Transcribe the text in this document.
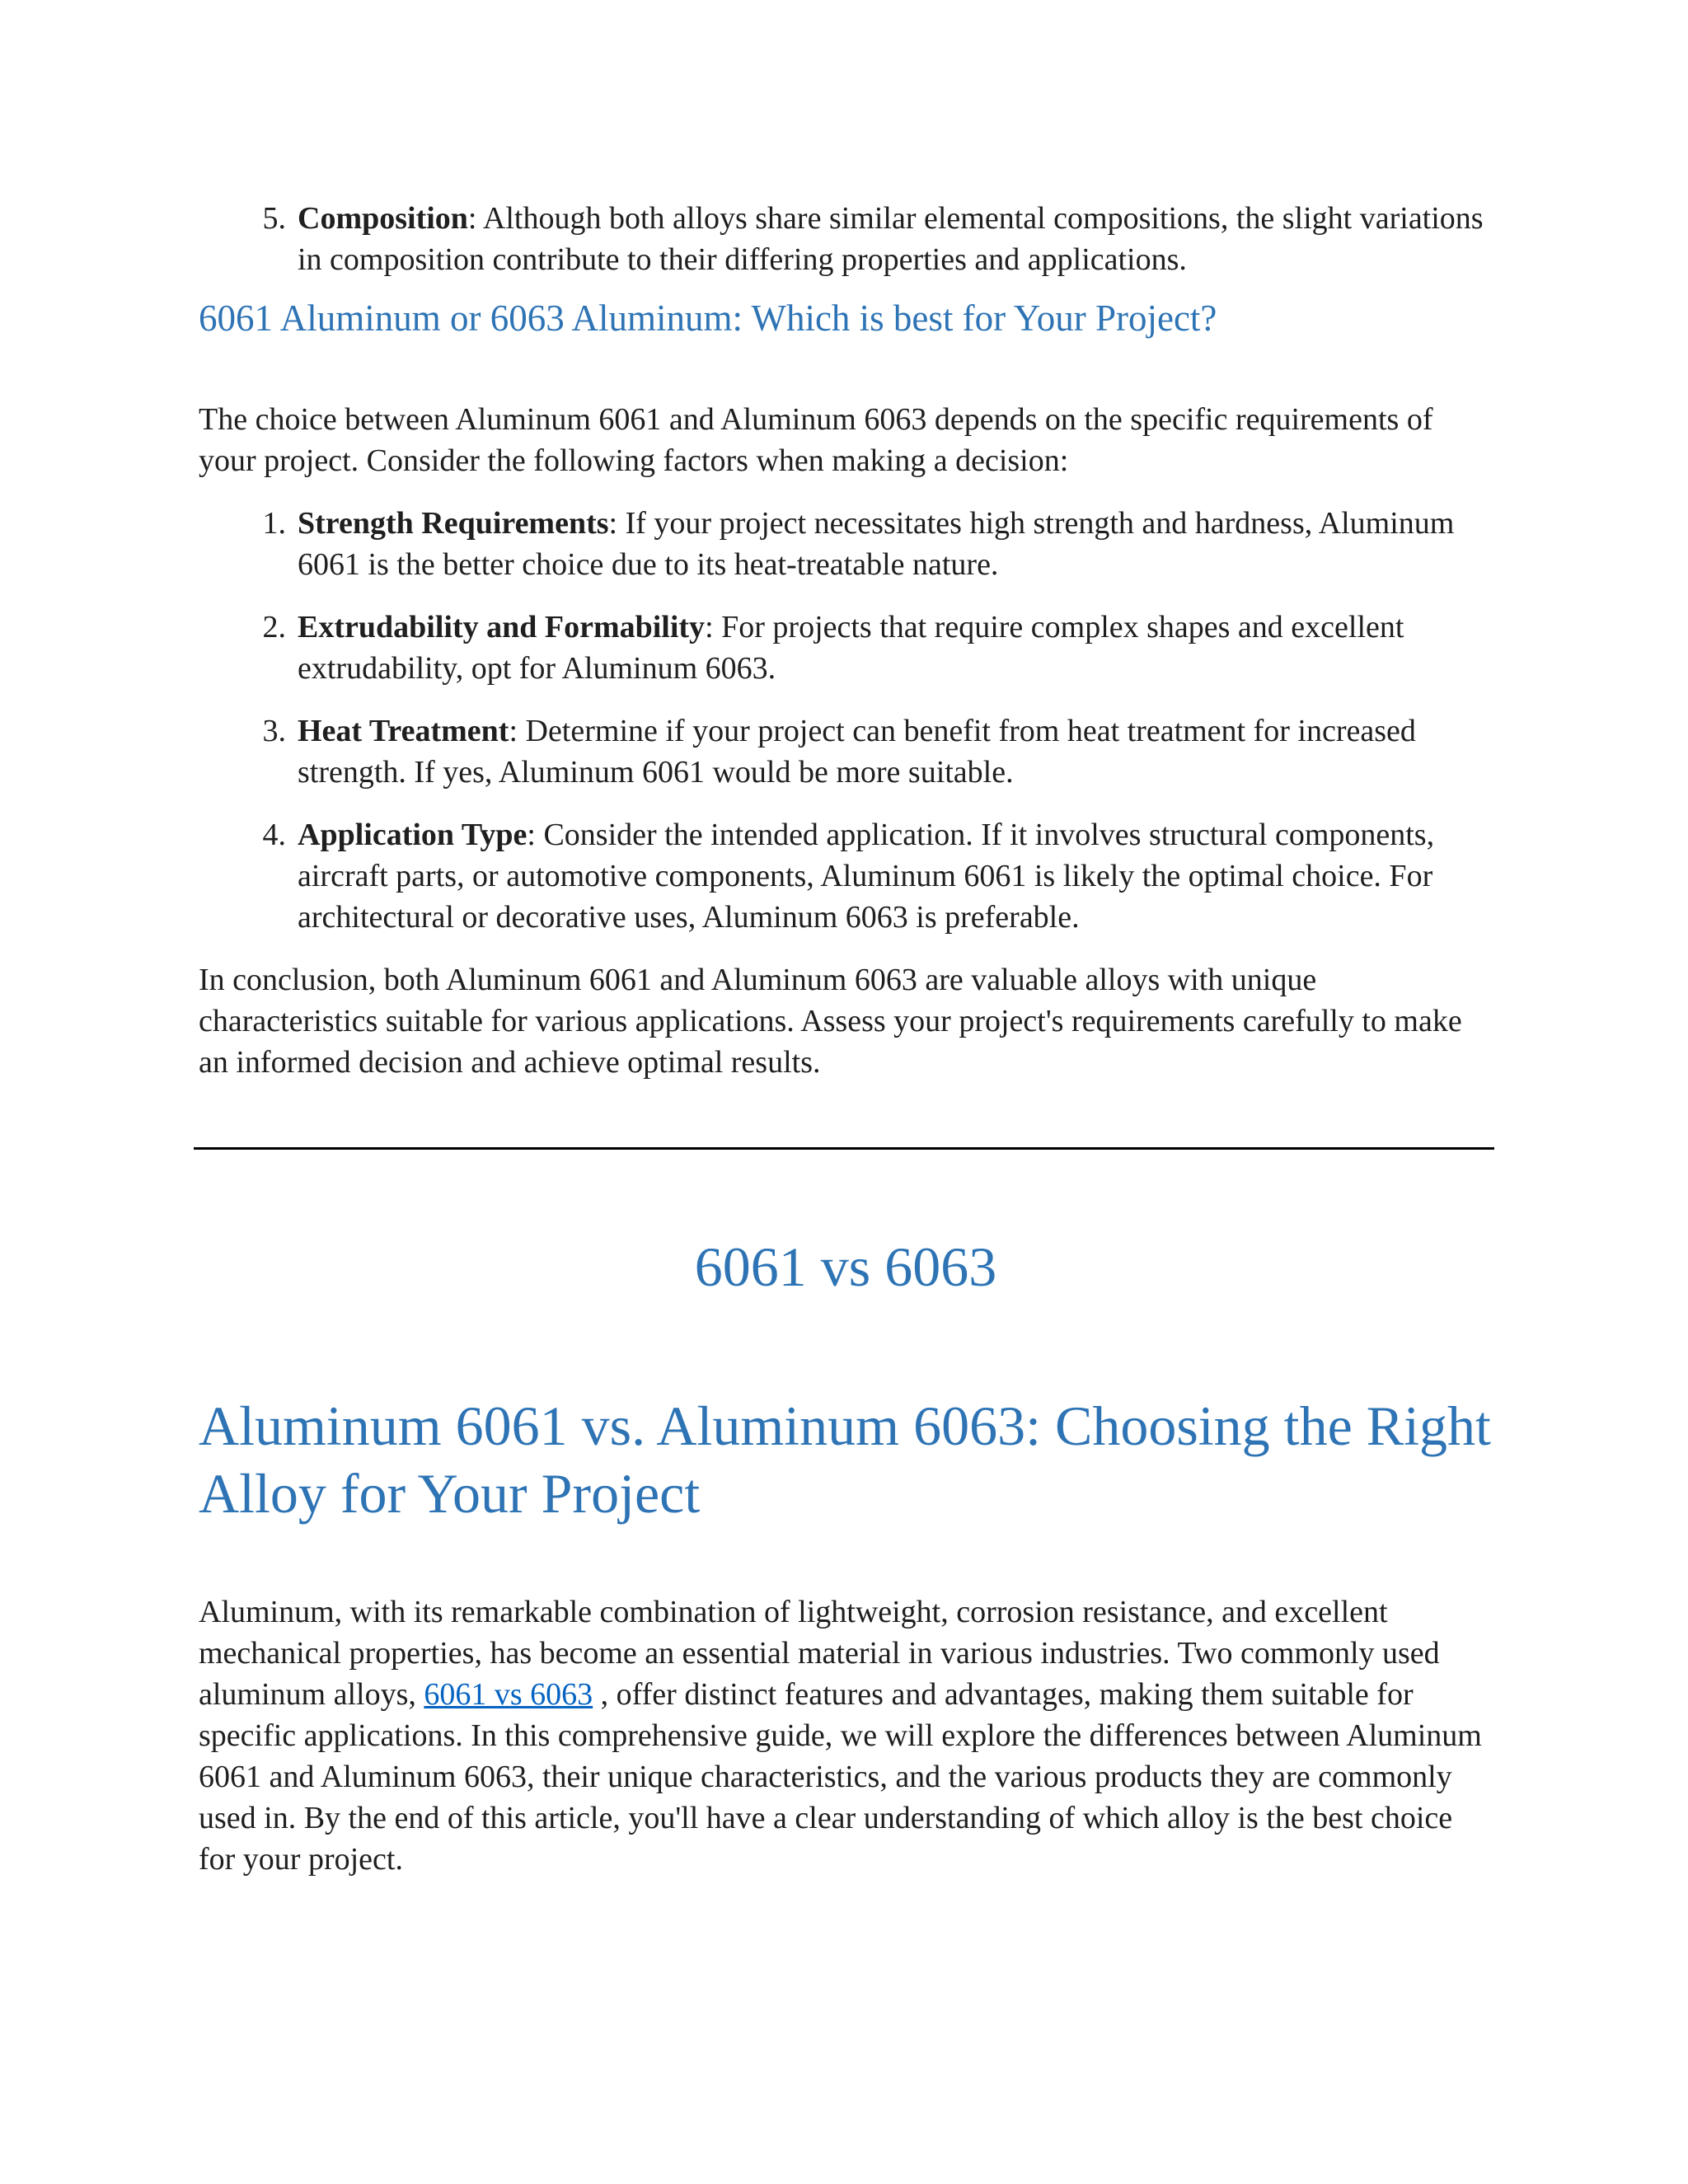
5. Composition: Although both alloys share similar elemental compositions, the slight variations in composition contribute to their differing properties and applications.
6061 Aluminum or 6063 Aluminum: Which is best for Your Project?

The choice between Aluminum 6061 and Aluminum 6063 depends on the specific requirements of your project. Consider the following factors when making a decision:

1. Strength Requirements: If your project necessitates high strength and hardness, Aluminum 6061 is the better choice due to its heat-treatable nature.
2. Extrudability and Formability: For projects that require complex shapes and excellent extrudability, opt for Aluminum 6063.
3. Heat Treatment: Determine if your project can benefit from heat treatment for increased strength. If yes, Aluminum 6061 would be more suitable.
4. Application Type: Consider the intended application. If it involves structural components, aircraft parts, or automotive components, Aluminum 6061 is likely the optimal choice. For architectural or decorative uses, Aluminum 6063 is preferable.

In conclusion, both Aluminum 6061 and Aluminum 6063 are valuable alloys with unique characteristics suitable for various applications. Assess your project's requirements carefully to make an informed decision and achieve optimal results.

6061 vs 6063
Aluminum 6061 vs. Aluminum 6063: Choosing the Right Alloy for Your Project

Aluminum, with its remarkable combination of lightweight, corrosion resistance, and excellent mechanical properties, has become an essential material in various industries. Two commonly used aluminum alloys, 6061 vs 6063 , offer distinct features and advantages, making them suitable for specific applications. In this comprehensive guide, we will explore the differences between Aluminum 6061 and Aluminum 6063, their unique characteristics, and the various products they are commonly used in. By the end of this article, you'll have a clear understanding of which alloy is the best choice for your project.
